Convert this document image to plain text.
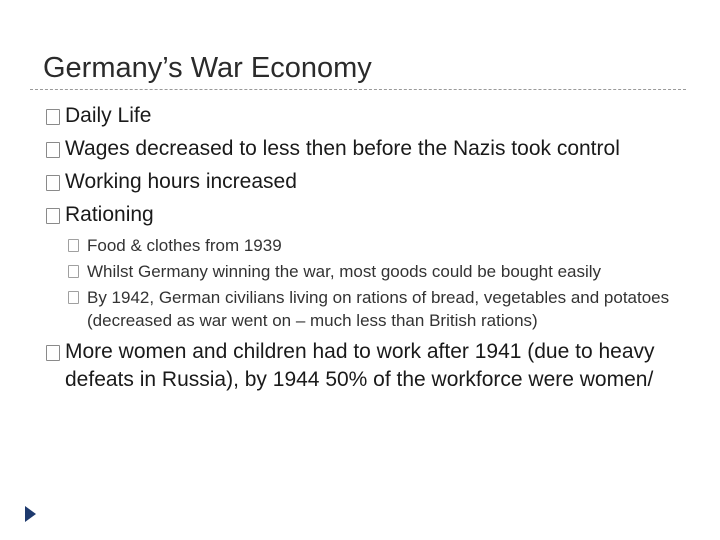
Germany’s War Economy
Daily Life
Wages decreased to less then before the Nazis took control
Working hours increased
Rationing
Food & clothes from 1939
Whilst Germany winning the war, most goods could be bought easily
By 1942, German civilians living on rations of bread, vegetables and potatoes (decreased as war went on – much less than British rations)
More women and children had to work after 1941 (due to heavy defeats in Russia), by 1944 50% of the workforce were women/
